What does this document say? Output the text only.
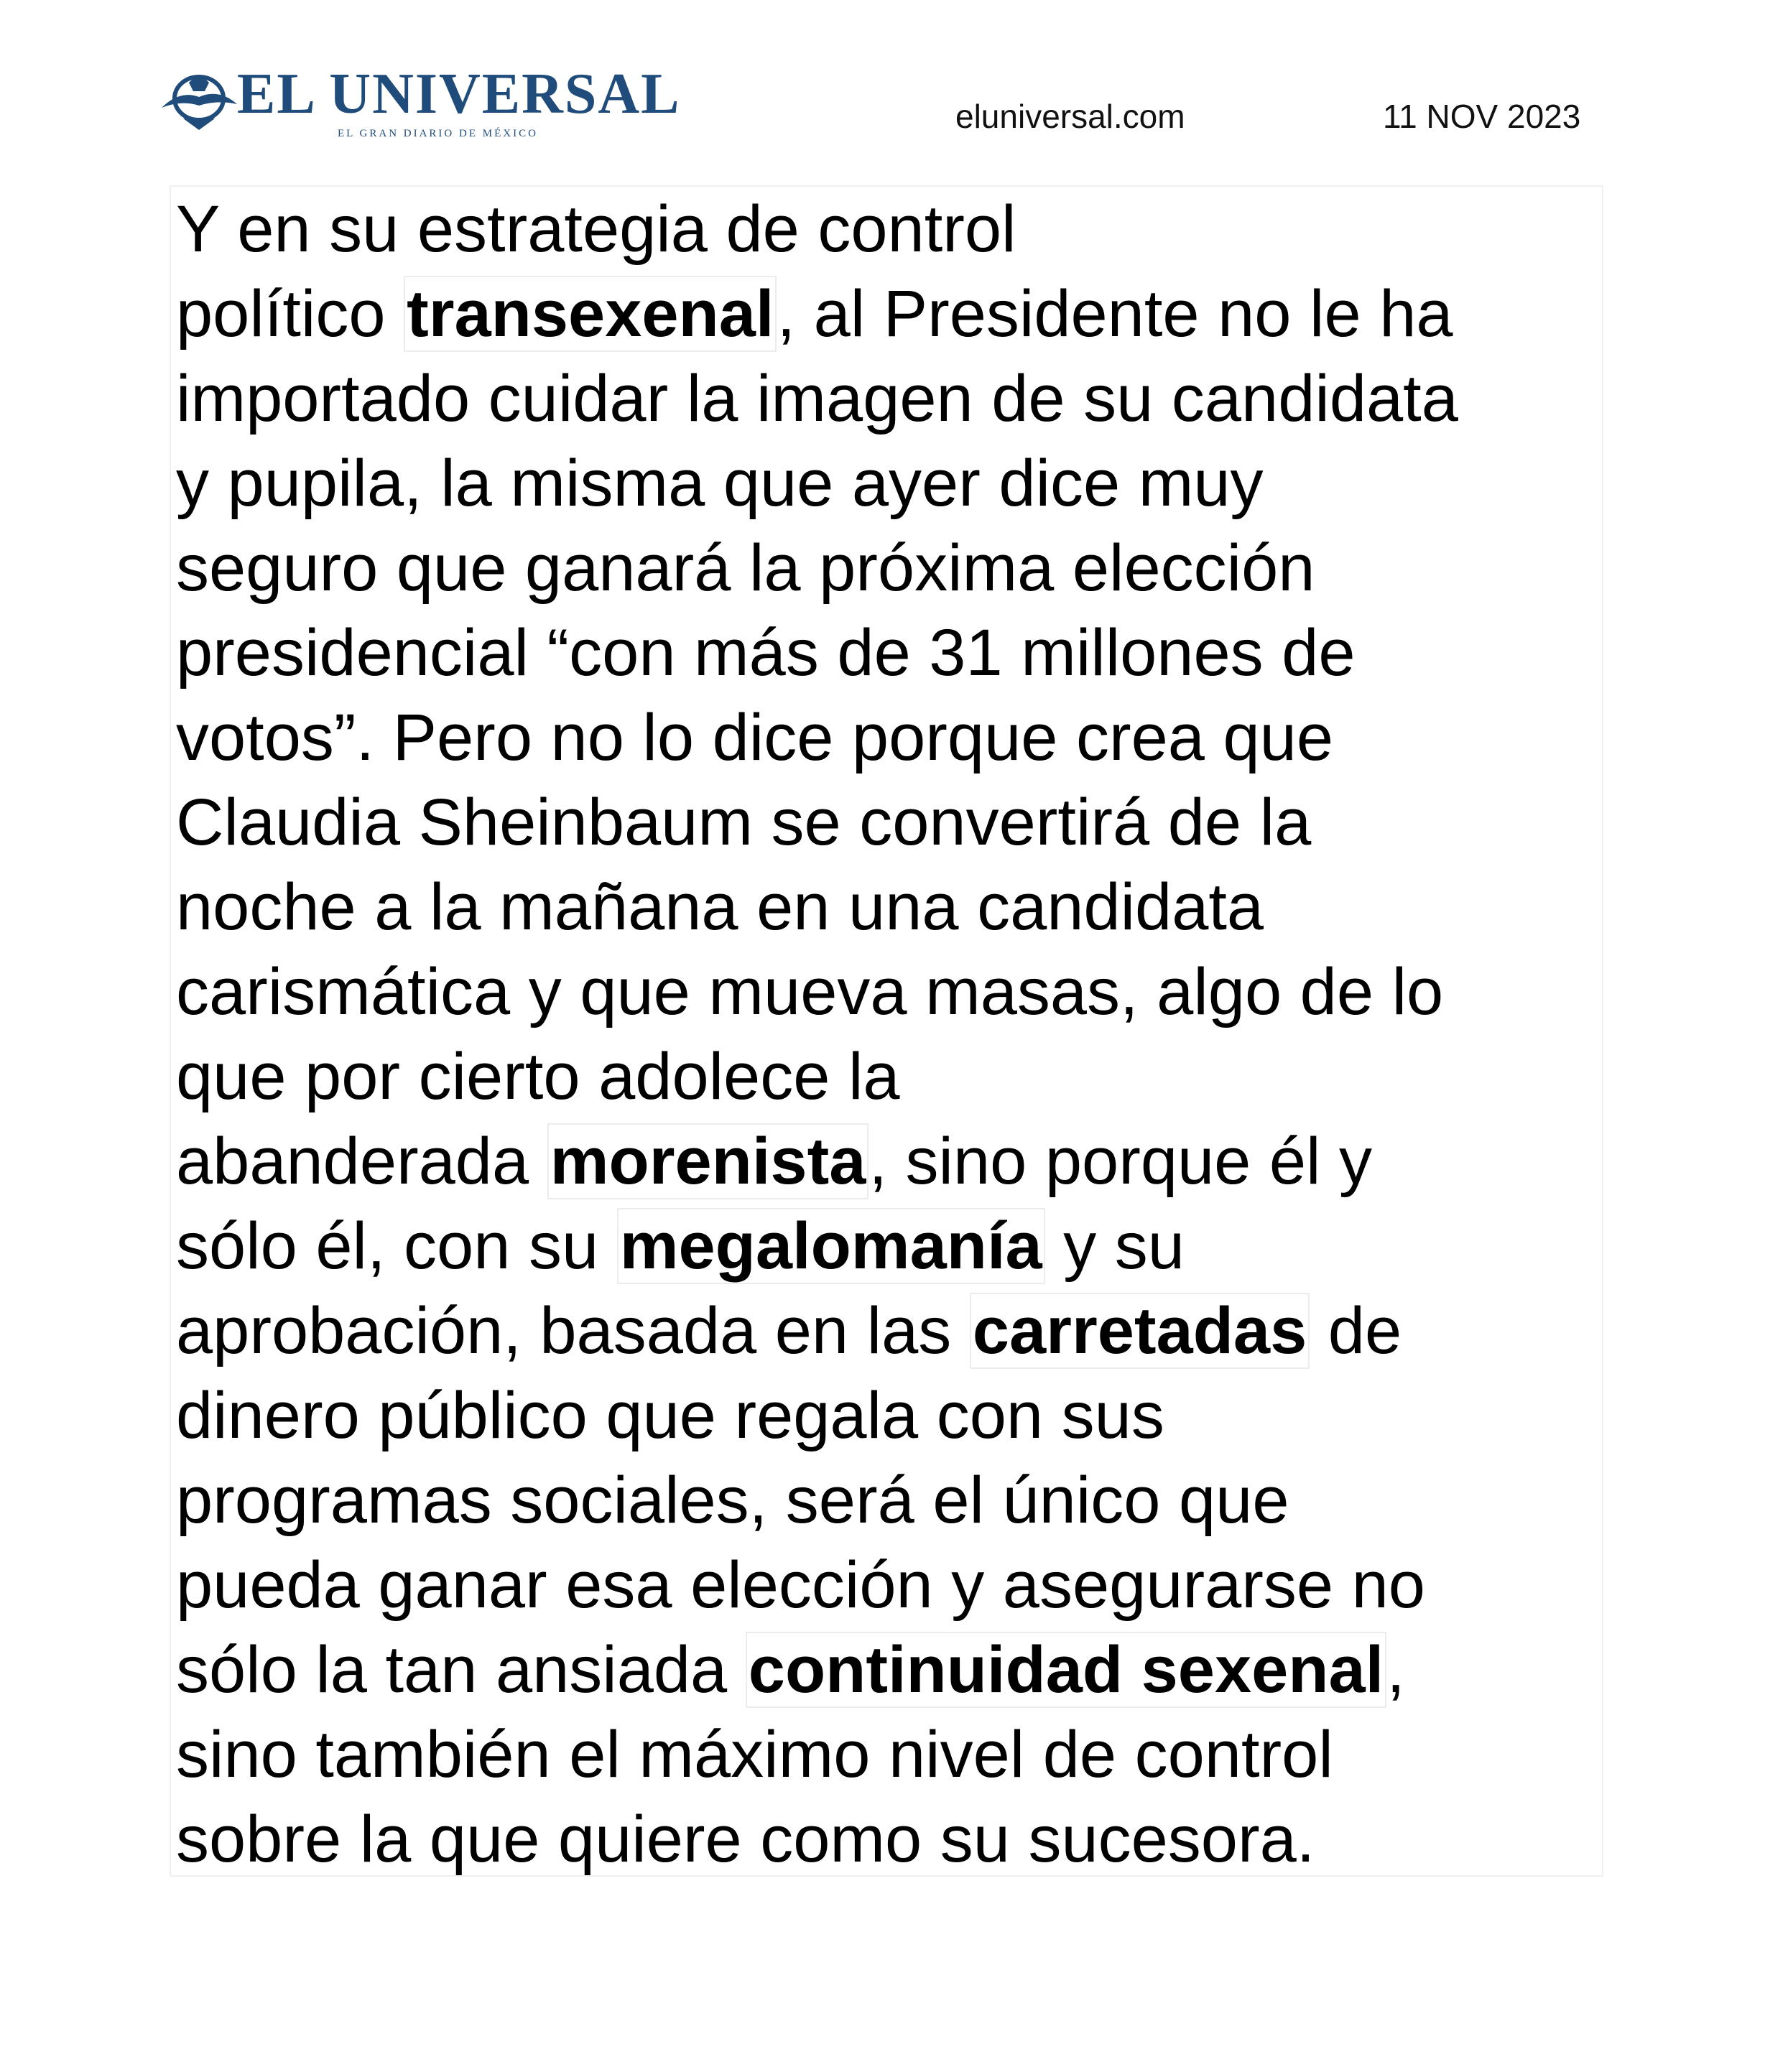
EL UNIVERSAL
EL GRAN DIARIO DE MÉXICO	eluniversal.com	11 NOV 2023
Y en su estrategia de control
político transexenal, al Presidente no le ha
importado cuidar la imagen de su candidata
y pupila, la misma que ayer dice muy
seguro que ganará la próxima elección
presidencial “con más de 31 millones de
votos”. Pero no lo dice porque crea que
Claudia Sheinbaum se convertirá de la
noche a la mañana en una candidata
carismática y que mueva masas, algo de lo
que por cierto adolece la
abanderada morenista, sino porque él y
sólo él, con su megalomanía y su
aprobación, basada en las carretadas de
dinero público que regala con sus
programas sociales, será el único que
pueda ganar esa elección y asegurarse no
sólo la tan ansiada continuidad sexenal,
sino también el máximo nivel de control
sobre la que quiere como su sucesora.
